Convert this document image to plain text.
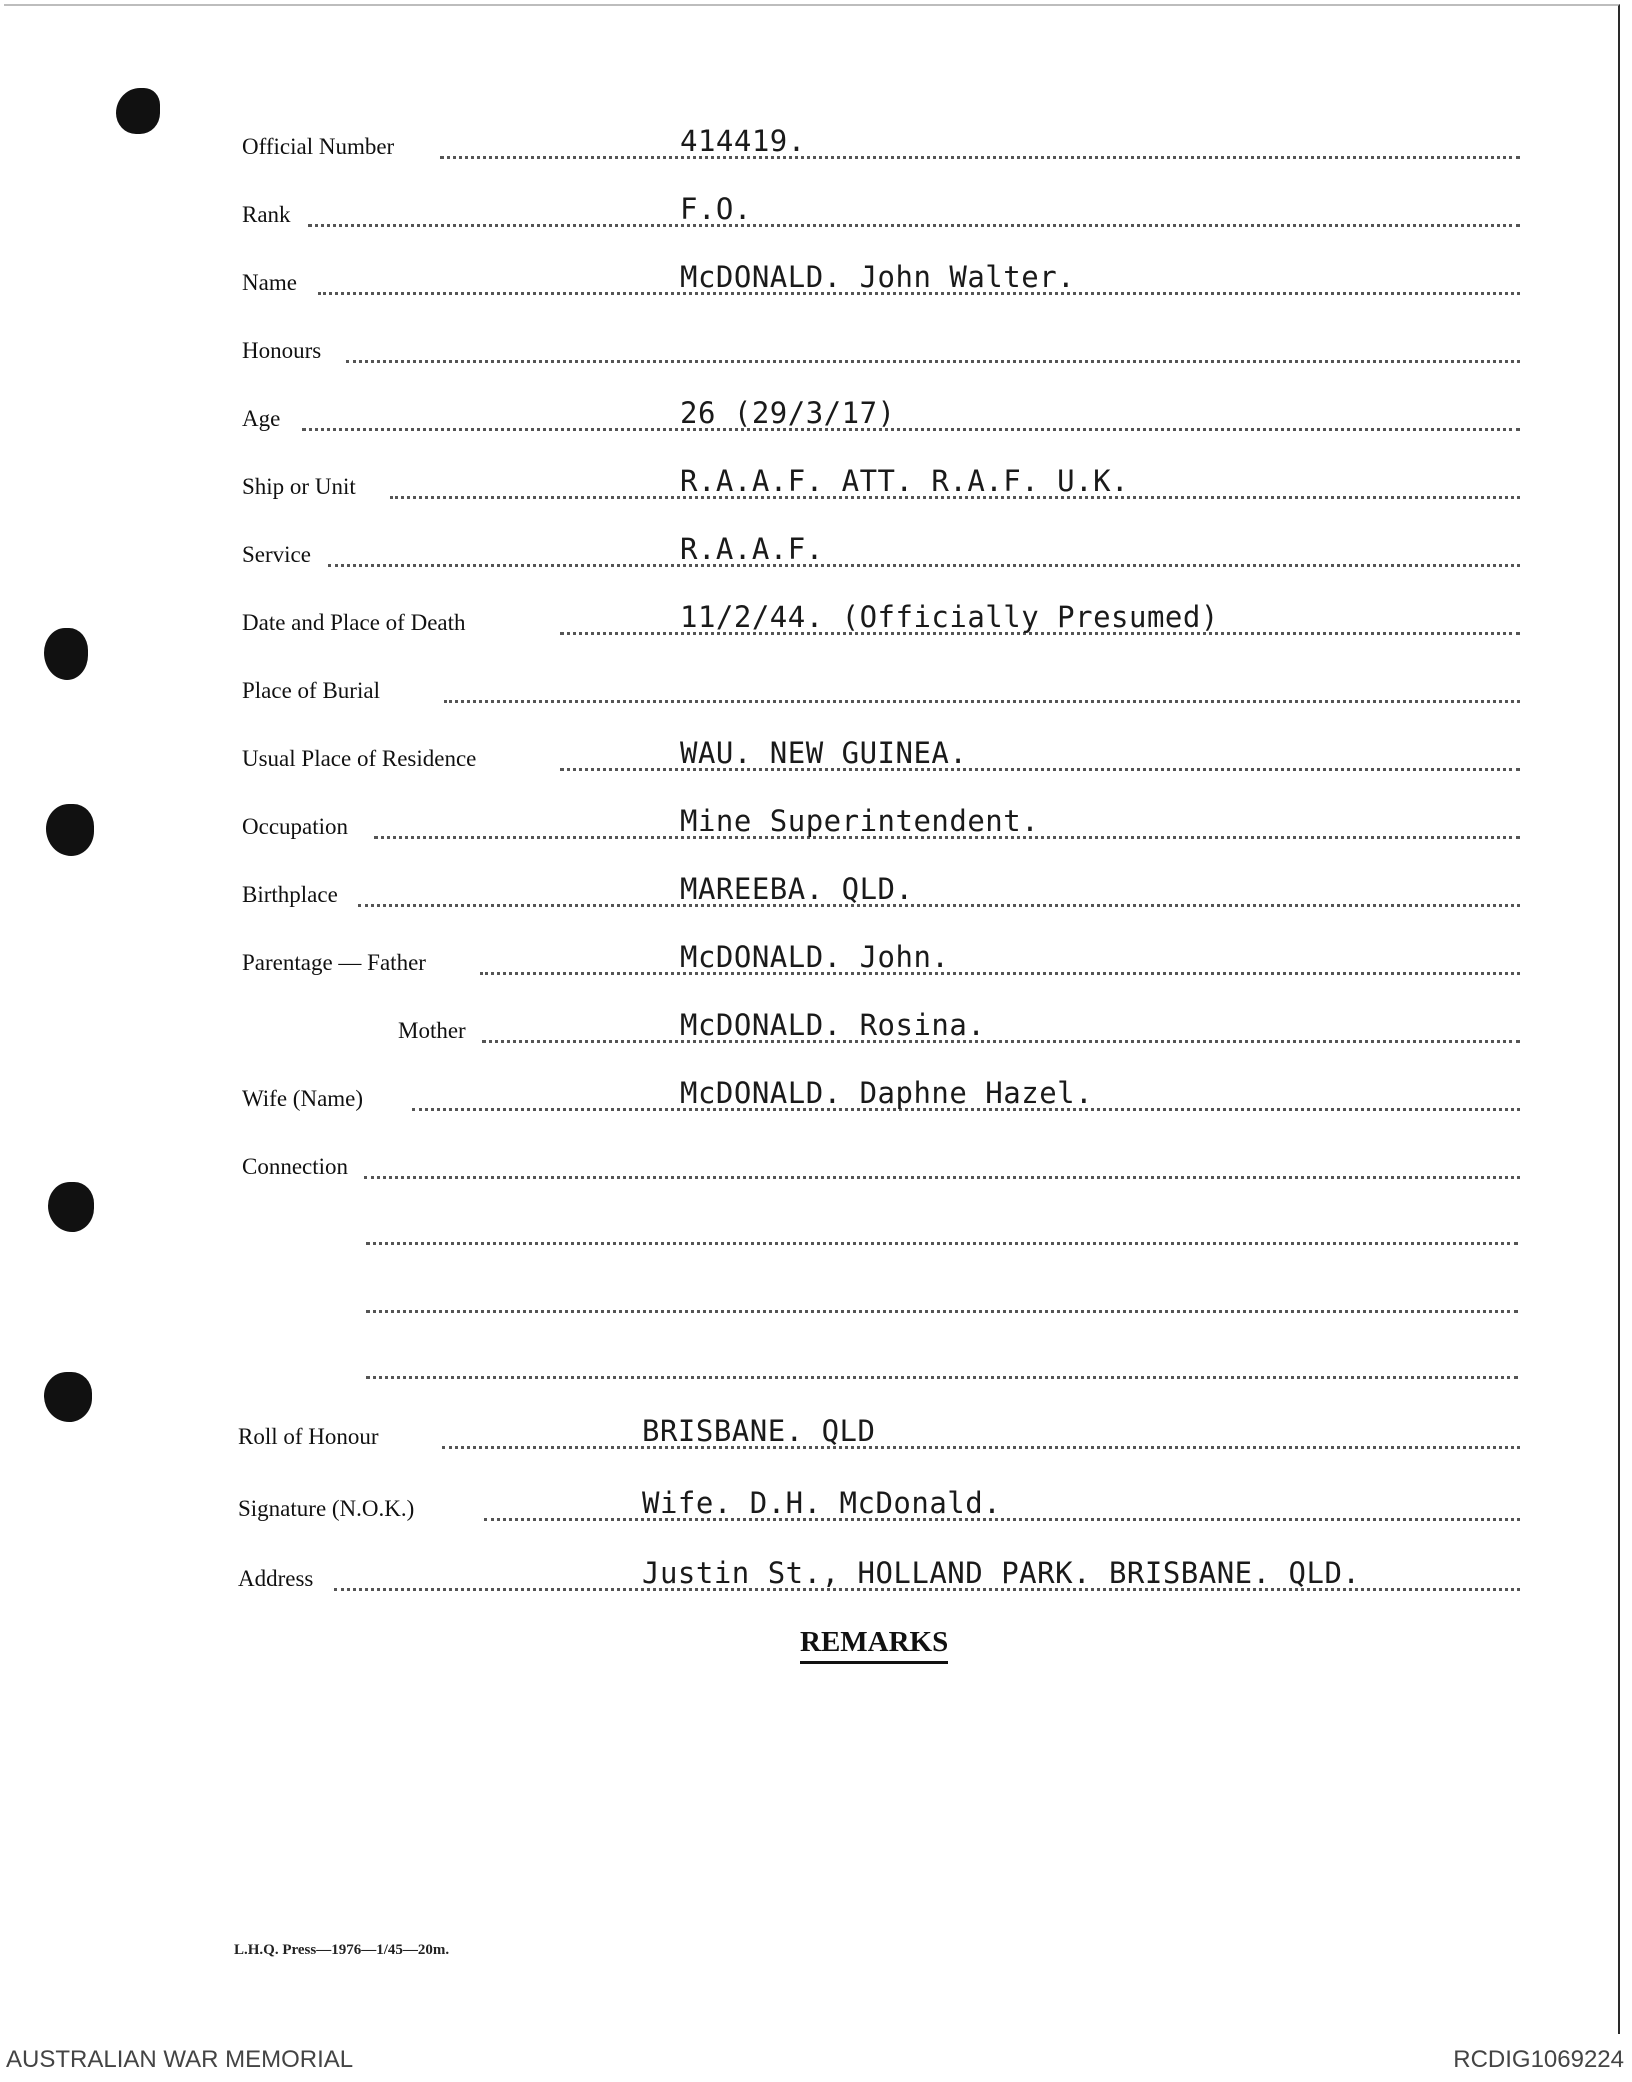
Official Number	414419.
Rank	F.O.
Name	McDONALD. John Walter.
Honours
Age	26 (29/3/17)
Ship or Unit	R.A.A.F. ATT. R.A.F. U.K.
Service	R.A.A.F.
Date and Place of Death	11/2/44. (Officially Presumed)
Place of Burial
Usual Place of Residence	WAU. NEW GUINEA.
Occupation	Mine Superintendent.
Birthplace	MAREEBA. QLD.
Parentage — Father	McDONALD. John.
Mother	McDONALD. Rosina.
Wife (Name)	McDONALD. Daphne Hazel.
Connection
Roll of Honour	BRISBANE. QLD
Signature (N.O.K.)	Wife. D.H. McDonald.
Address	Justin St., HOLLAND PARK. BRISBANE. QLD.
REMARKS
L.H.Q. Press—1976—1/45—20m.
AUSTRALIAN WAR MEMORIAL	RCDIG1069224
